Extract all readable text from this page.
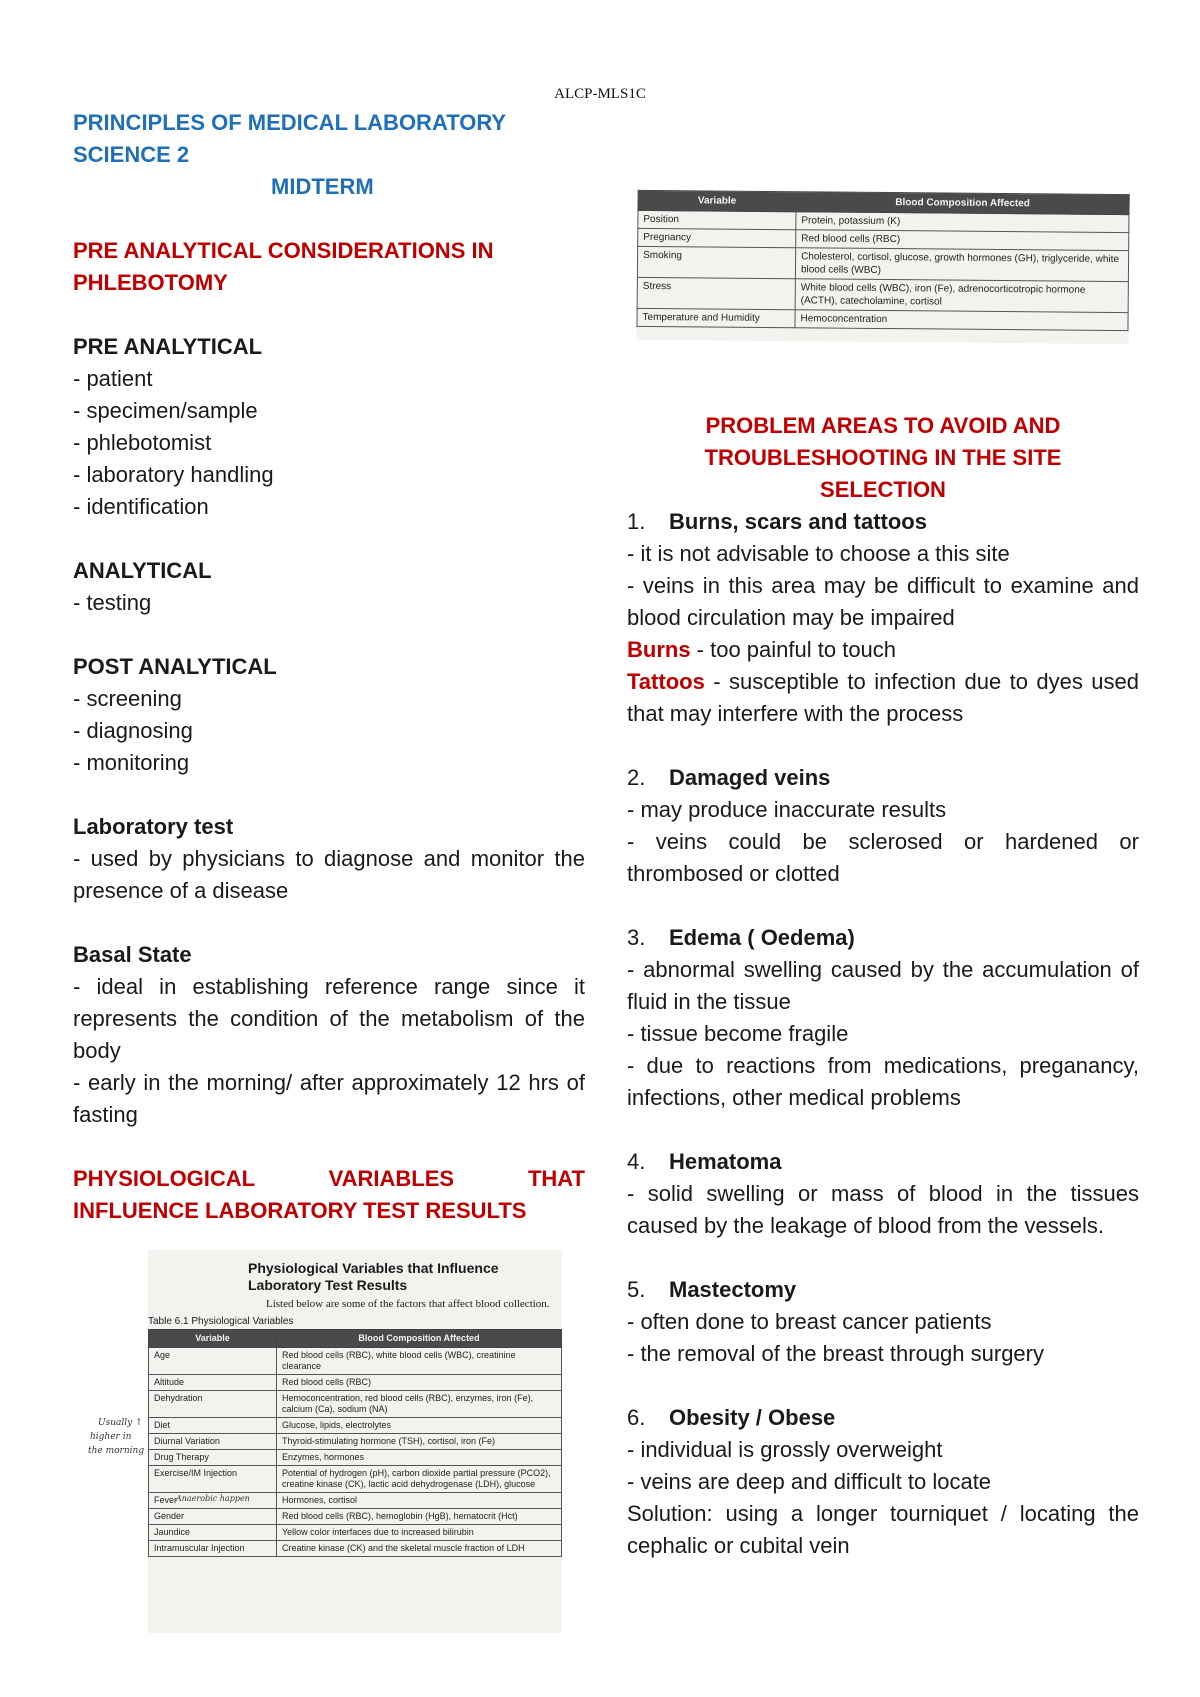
ALCP-MLS1C
PRINCIPLES OF MEDICAL LABORATORY
SCIENCE 2
MIDTERM
PRE ANALYTICAL CONSIDERATIONS IN
PHLEBOTOMY
PRE ANALYTICAL
- patient
- specimen/sample
- phlebotomist
- laboratory handling
- identification
ANALYTICAL
- testing
POST ANALYTICAL
- screening
- diagnosing
- monitoring
Laboratory test
- used by physicians to diagnose and monitor the presence of a disease
Basal State
- ideal in establishing reference range since it represents the condition of the metabolism of the body
- early in the morning/ after approximately 12 hrs of fasting
PHYSIOLOGICAL VARIABLES THAT
INFLUENCE LABORATORY TEST RESULTS
Variable	Blood Composition Affected
Position	Protein, potassium (K)
Pregnancy	Red blood cells (RBC)
Smoking	Cholesterol, cortisol, glucose, growth hormones (GH), triglyceride, white blood cells (WBC)
Stress	White blood cells (WBC), iron (Fe), adrenocorticotropic hormone (ACTH), catecholamine, cortisol
Temperature and Humidity	Hemoconcentration
PROBLEM AREAS TO AVOID AND
TROUBLESHOOTING IN THE SITE
SELECTION
1. Burns, scars and tattoos
- it is not advisable to choose a this site
- veins in this area may be difficult to examine and blood circulation may be impaired
Burns - too painful to touch
Tattoos - susceptible to infection due to dyes used that may interfere with the process
2. Damaged veins
- may produce inaccurate results
- veins could be sclerosed or hardened or thrombosed or clotted
3. Edema ( Oedema)
- abnormal swelling caused by the accumulation of fluid in the tissue
- tissue become fragile
- due to reactions from medications, preganancy, infections, other medical problems
4. Hematoma
- solid swelling or mass of blood in the tissues caused by the leakage of blood from the vessels.
5. Mastectomy
- often done to breast cancer patients
- the removal of the breast through surgery
6. Obesity / Obese
- individual is grossly overweight
- veins are deep and difficult to locate
Solution: using a longer tourniquet / locating the cephalic or cubital vein
Physiological Variables that Influence
Laboratory Test Results
Listed below are some of the factors that affect blood collection.
Table 6.1 Physiological Variables
Variable	Blood Composition Affected
Age	Red blood cells (RBC), white blood cells (WBC), creatinine clearance
Altitude	Red blood cells (RBC)
Dehydration	Hemoconcentration, red blood cells (RBC), enzymes, iron (Fe), calcium (Ca), sodium (NA)
Diet	Glucose, lipids, electrolytes
Diurnal Variation	Thyroid-stimulating hormone (TSH), cortisol, iron (Fe)
Drug Therapy	Enzymes, hormones
Exercise/IM Injection	Potential of hydrogen (pH), carbon dioxide partial pressure (PCO2), creatine kinase (CK), lactic acid dehydrogenase (LDH), glucose
Fever	Hormones, cortisol
Gender	Red blood cells (RBC), hemoglobin (HgB), hematocrit (Hct)
Jaundice	Yellow color interfaces due to increased bilirubin
Intramuscular Injection	Creatine kinase (CK) and the skeletal muscle fraction of LDH
Usually ↑
higher in
the morning
Anaerobic happen
